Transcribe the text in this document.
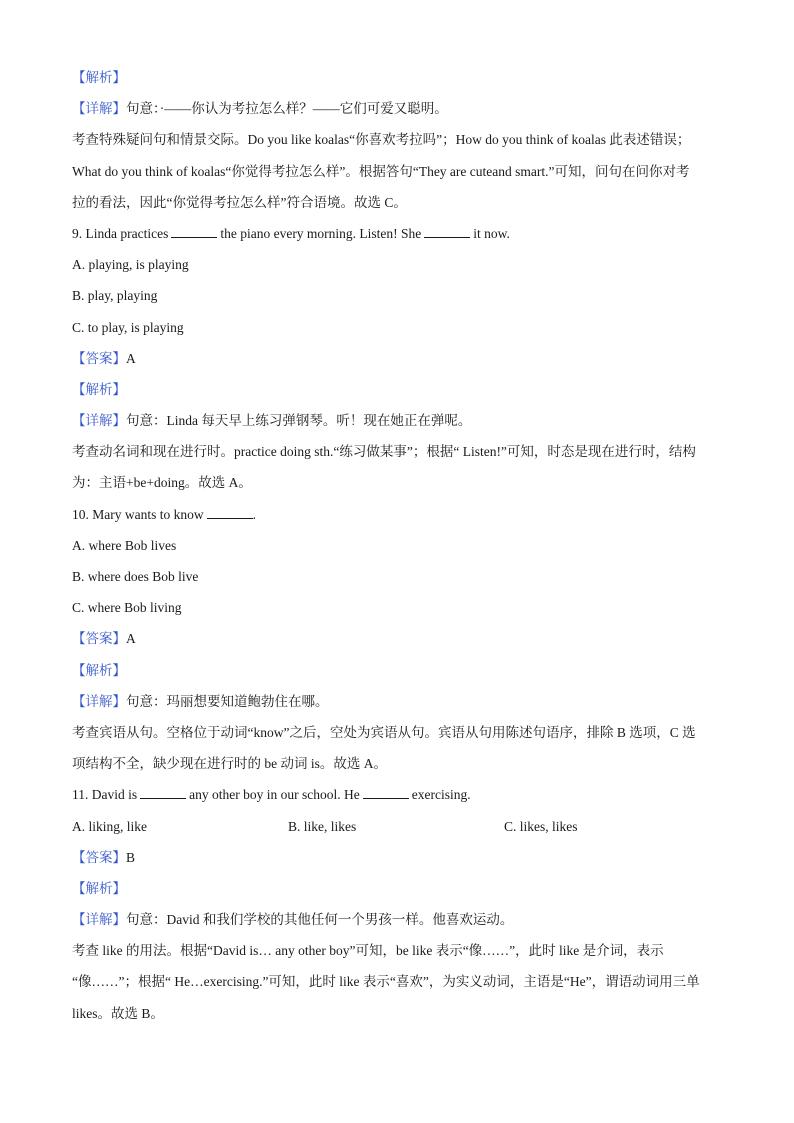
【解析】
【详解】句意：·——你认为考拉怎么样？——它们可爱又聪明。
考查特殊疑问句和情景交际。Do you like koalas“你喜欢考拉吗”；How do you think of koalas 此表述错误；
What do you think of koalas“你觉得考拉怎么样”。根据答句“They are cuteand smart.”可知，问句在问你对考
拉的看法，因此“你觉得考拉怎么样”符合语境。故选 C。
9. Linda practices	the piano every morning. Listen! She	it now.
A. playing, is playing
B. play, playing
C. to play, is playing
【答案】A
【解析】
【详解】句意：Linda 每天早上练习弹钢琴。听！现在她正在弹呢。
考查动名词和现在进行时。practice doing sth.“练习做某事”；根据“ Listen!”可知，时态是现在进行时，结构
为：主语+be+doing。故选 A。
10. Mary wants to know	.
A. where Bob lives
B. where does Bob live
C. where Bob living
【答案】A
【解析】
【详解】句意：玛丽想要知道鲍勃住在哪。
考查宾语从句。空格位于动词“know”之后，空处为宾语从句。宾语从句用陈述句语序，排除 B 选项，C 选
项结构不全，缺少现在进行时的 be 动词 is。故选 A。
11. David is	any other boy in our school. He	exercising.
A. liking, like	B. like, likes	C. likes, likes
【答案】B
【解析】
【详解】句意：David 和我们学校的其他任何一个男孩一样。他喜欢运动。
考查 like 的用法。根据“David is… any other boy”可知，be like 表示“像……”，此时 like 是介词，表示
“像……”；根据“ He…exercising.”可知，此时 like 表示“喜欢”，为实义动词，主语是“He”，谓语动词用三单
likes。故选 B。
